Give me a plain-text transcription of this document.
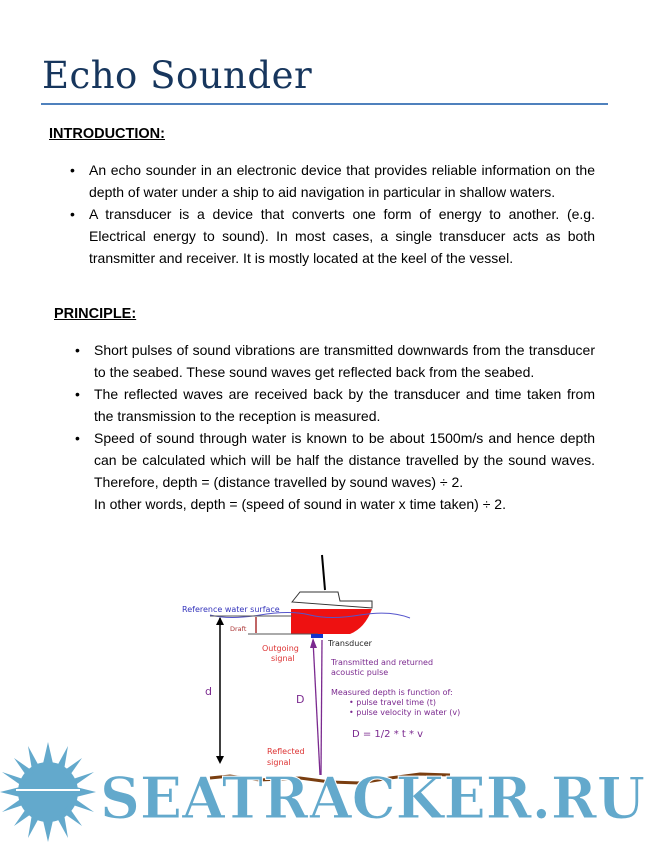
Echo Sounder
INTRODUCTION:
• An echo sounder in an electronic device that provides reliable information on the depth of water under a ship to aid navigation in particular in shallow waters.
• A transducer is a device that converts one form of energy to another. (e.g. Electrical energy to sound). In most cases, a single transducer acts as both transmitter and receiver. It is mostly located at the keel of the vessel.
PRINCIPLE:
• Short pulses of sound vibrations are transmitted downwards from the transducer to the seabed. These sound waves get reflected back from the seabed.
• The reflected waves are received back by the transducer and time taken from the transmission to the reception is measured.
• Speed of sound through water is known to be about 1500m/s and hence depth can be calculated which will be half the distance travelled by the sound waves. Therefore, depth = (distance travelled by sound waves) ÷ 2.
In other words, depth = (speed of sound in water x time taken) ÷ 2.
Reference water surface
Draft
Transducer
Outgoing
signal
d
D
Transmitted and returned
acoustic pulse
Measured depth is function of:
• pulse travel time (t)
• pulse velocity in water (v)
D = 1/2 * t * v
Reflected
signal
SEATRACKER.RU
